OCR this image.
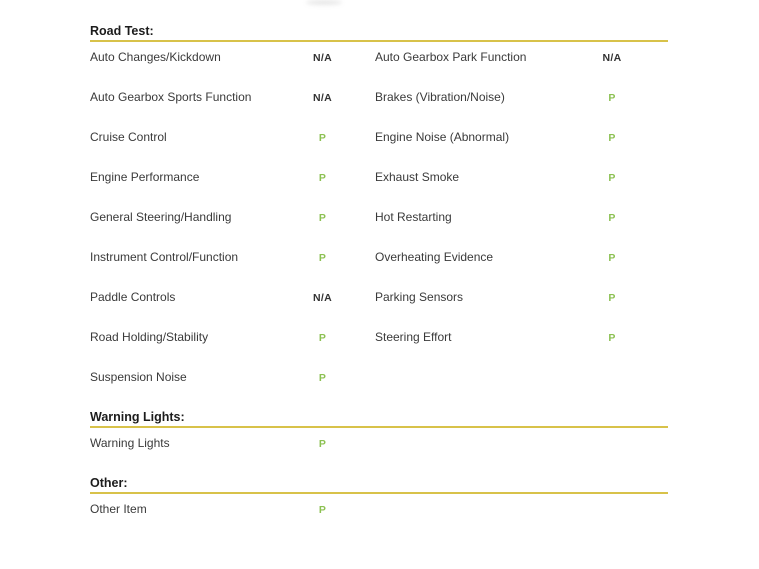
Road Test:
Auto Changes/Kickdown	N/A	Auto Gearbox Park Function	N/A
Auto Gearbox Sports Function	N/A	Brakes (Vibration/Noise)	P
Cruise Control	P	Engine Noise (Abnormal)	P
Engine Performance	P	Exhaust Smoke	P
General Steering/Handling	P	Hot Restarting	P
Instrument Control/Function	P	Overheating Evidence	P
Paddle Controls	N/A	Parking Sensors	P
Road Holding/Stability	P	Steering Effort	P
Suspension Noise	P
Warning Lights:
Warning Lights	P
Other:
Other Item	P
